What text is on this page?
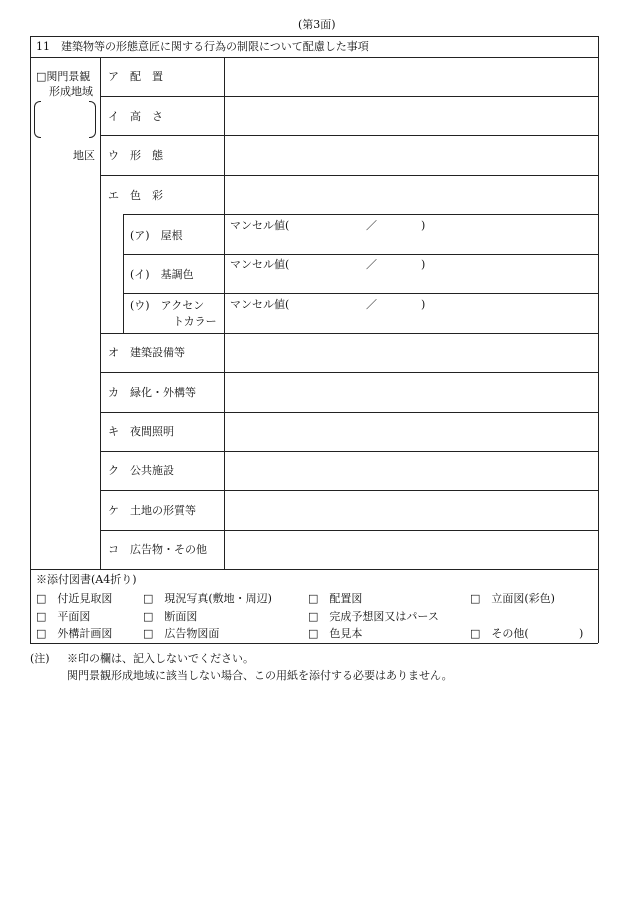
(第3面)
11　建築物等の形態意匠に関する行為の制限について配慮した事項
□関門景観
形成地域
地区
ア 配　置
イ 高　さ
ウ 形　態
エ 色　彩
(ア)　屋根
マンセル値(	／	)
(イ)　基調色
マンセル値(	／	)
(ウ)　アクセン
トカラー
マンセル値(	／	)
オ 建築設備等
カ 緑化・外構等
キ 夜間照明
ク 公共施設
ケ 土地の形質等
コ 広告物・その他
※添付図書(A4折り)
□　付近見取図	□　現況写真(敷地・周辺)	□　配置図	□　立面図(彩色)
□　平面図	□　断面図	□　完成予想図又はパース
□　外構計画図	□　広告物図面	□　色見本	□　その他(	)
(注) ※印の欄は、記入しないでください。
関門景観形成地域に該当しない場合、この用紙を添付する必要はありません。
